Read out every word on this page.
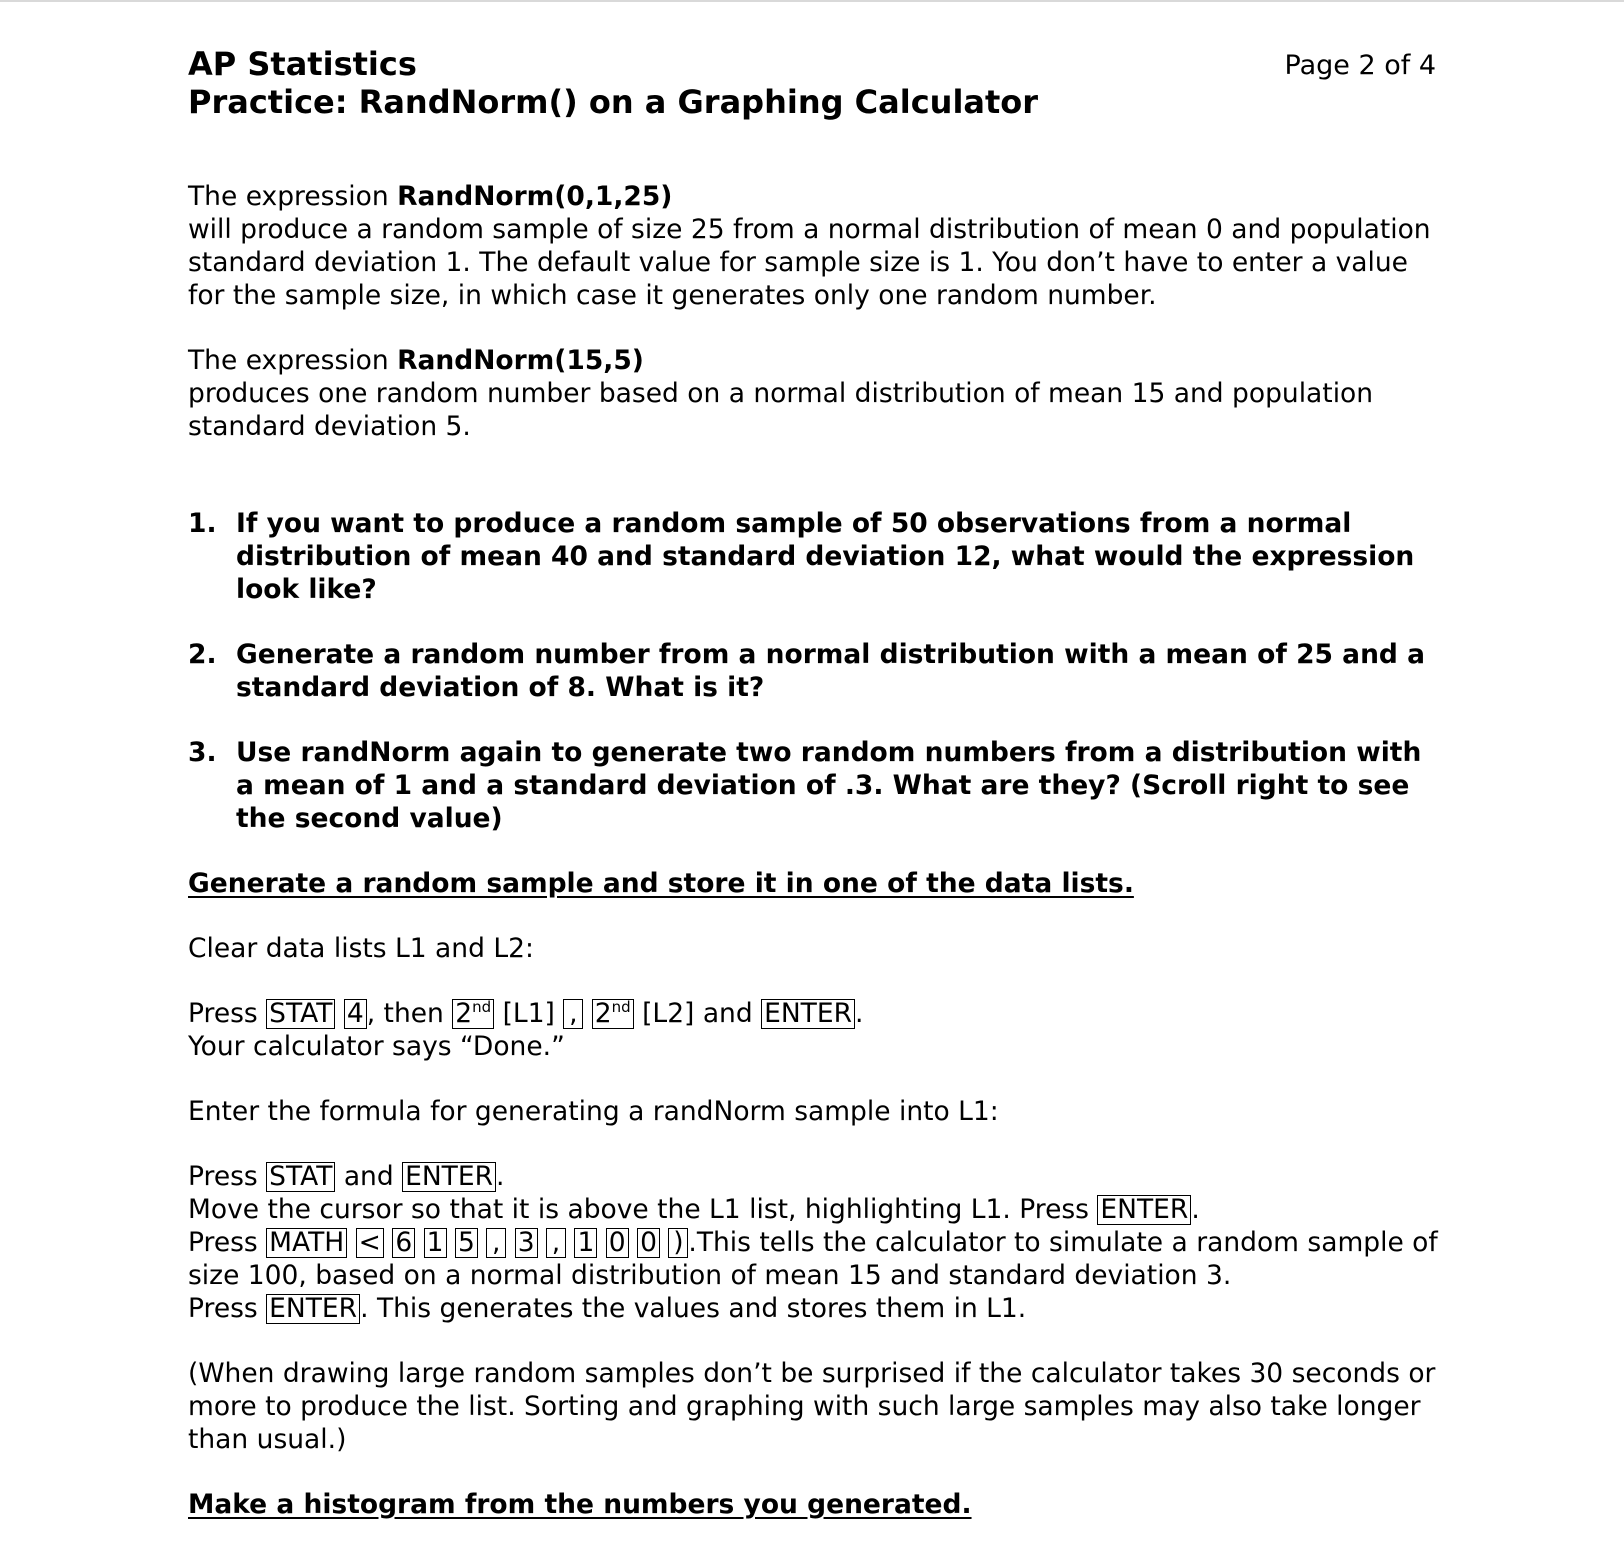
AP Statistics
Practice: RandNorm() on a Graphing Calculator
Page 2 of 4

The expression RandNorm(0,1,25)
will produce a random sample of size 25 from a normal distribution of mean 0 and population standard deviation 1. The default value for sample size is 1. You don’t have to enter a value for the sample size, in which case it generates only one random number.

The expression RandNorm(15,5)
produces one random number based on a normal distribution of mean 15 and population standard deviation 5.

1. If you want to produce a random sample of 50 observations from a normal distribution of mean 40 and standard deviation 12, what would the expression look like?
2. Generate a random number from a normal distribution with a mean of 25 and a standard deviation of 8. What is it?
3. Use randNorm again to generate two random numbers from a distribution with a mean of 1 and a standard deviation of .3. What are they? (Scroll right to see the second value)

Generate a random sample and store it in one of the data lists.

Clear data lists L1 and L2:

Press STAT 4 , then 2nd [L1] , 2nd [L2] and ENTER .
Your calculator says “Done.”

Enter the formula for generating a randNorm sample into L1:

Press STAT and ENTER .
Move the cursor so that it is above the L1 list, highlighting L1. Press ENTER .
Press MATH < 6 1 5 , 3 , 1 0 0 ) .This tells the calculator to simulate a random sample of size 100, based on a normal distribution of mean 15 and standard deviation 3.
Press ENTER . This generates the values and stores them in L1.

(When drawing large random samples don’t be surprised if the calculator takes 30 seconds or more to produce the list. Sorting and graphing with such large samples may also take longer than usual.)

Make a histogram from the numbers you generated.
